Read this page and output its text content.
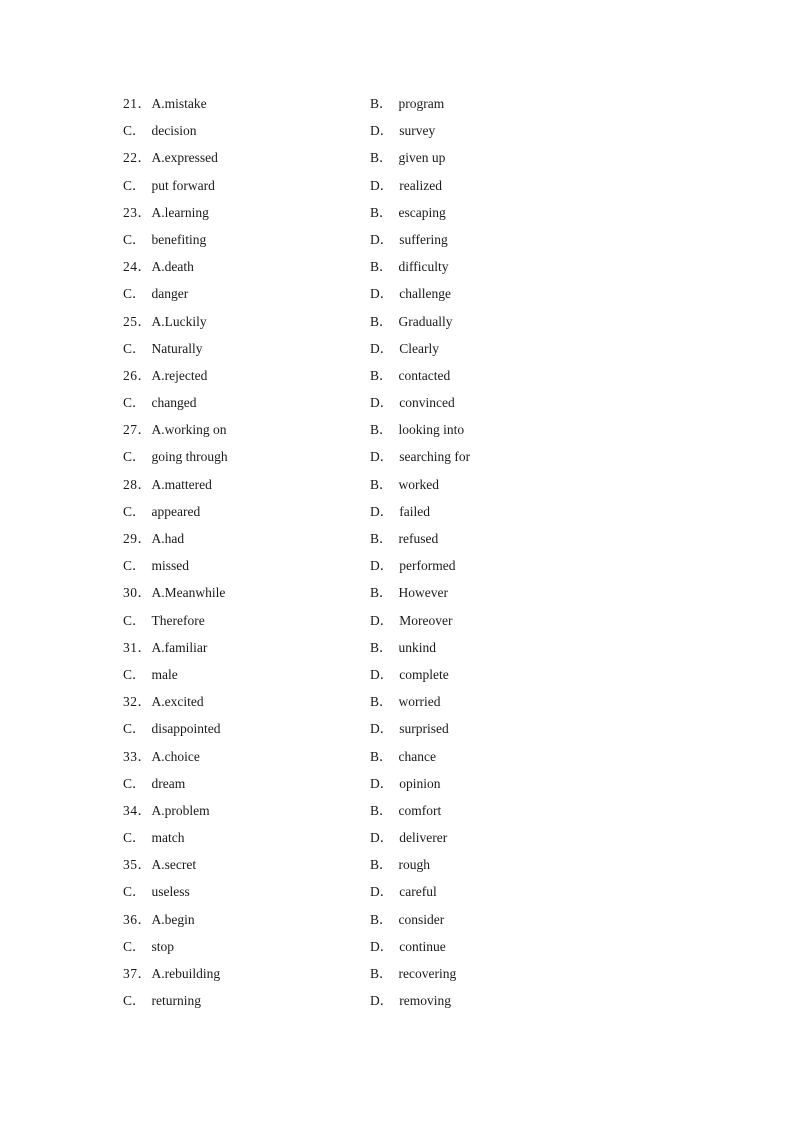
21．A.mistake	B． program
C． decision	D． survey
22．A.expressed	B． given up
C． put forward	D． realized
23．A.learning	B． escaping
C． benefiting	D． suffering
24．A.death	B． difficulty
C． danger	D． challenge
25．A.Luckily	B． Gradually
C． Naturally	D． Clearly
26．A.rejected	B． contacted
C． changed	D． convinced
27．A.working on	B． looking into
C． going through	D． searching for
28．A.mattered	B． worked
C． appeared	D． failed
29．A.had	B． refused
C． missed	D． performed
30．A.Meanwhile	B． However
C． Therefore	D． Moreover
31．A.familiar	B． unkind
C． male	D． complete
32．A.excited	B． worried
C． disappointed	D． surprised
33．A.choice	B． chance
C． dream	D． opinion
34．A.problem	B． comfort
C． match	D． deliverer
35．A.secret	B． rough
C． useless	D． careful
36．A.begin	B． consider
C． stop	D． continue
37．A.rebuilding	B． recovering
C． returning	D． removing
